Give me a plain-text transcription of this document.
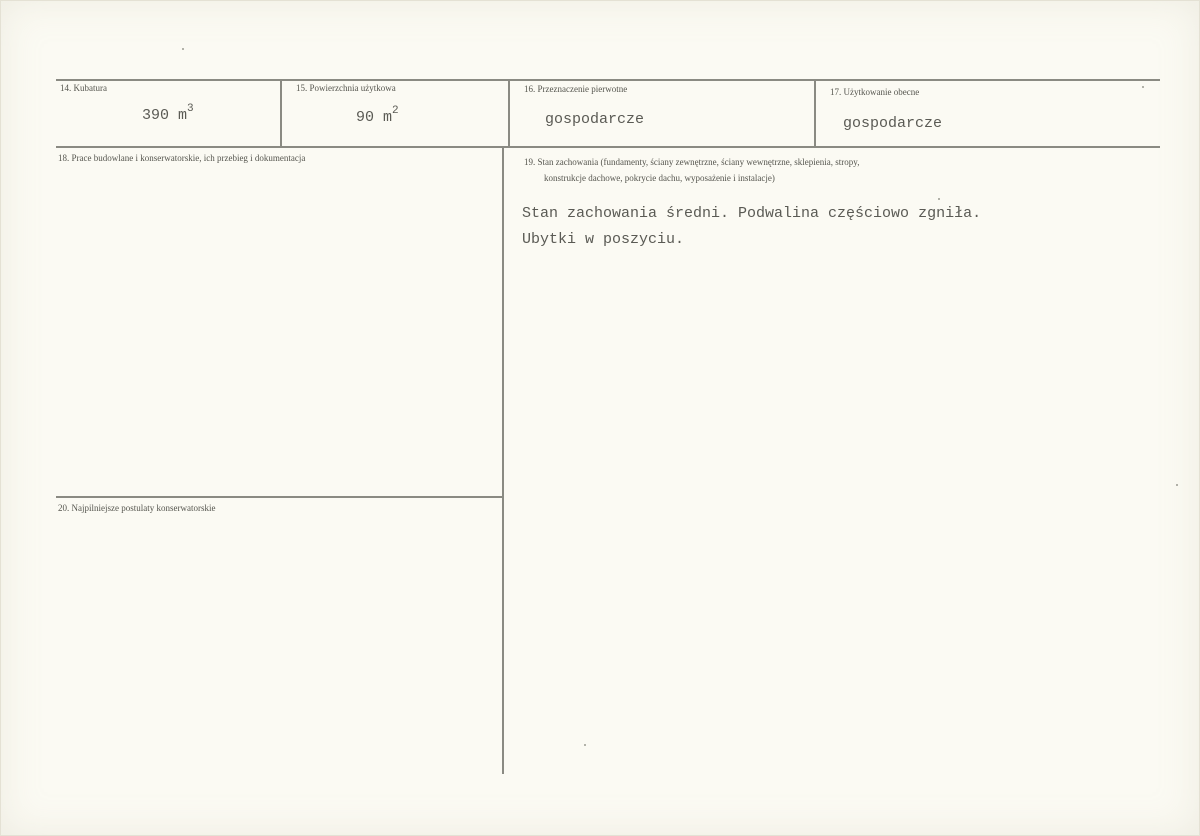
14. Kubatura
390 $m^3$
15. Powierzchnia użytkowa
90 $m^2$
16. Przeznaczenie pierwotne
gospodarcze
17. Użytkowanie obecne
gospodarcze
18. Prace budowlane i konserwatorskie, ich przebieg i dokumentacja	19. Stan zachowania (fundamenty, ściany zewnętrzne, ściany wewnętrzne, sklepienia, stropy,
konstrukcje dachowe, pokrycie dachu, wyposażenie i instalacje)
Stan zachowania średni. Podwalina częściowo zgniła.
Ubytki w poszyciu.
20. Najpilniejsze postulaty konserwatorskie
